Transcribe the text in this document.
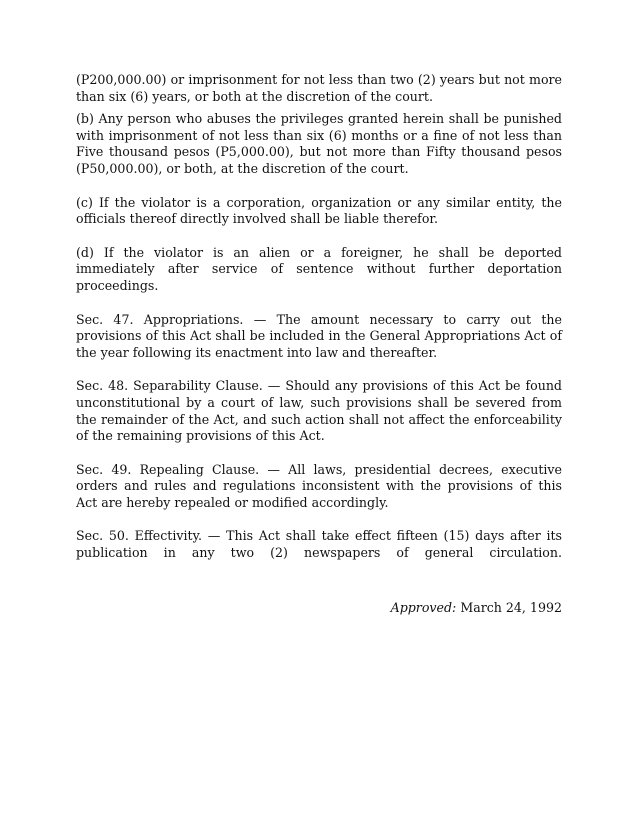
(P200,000.00) or imprisonment for not less than two (2) years but not more than six (6) years, or both at the discretion of the court.

(b) Any person who abuses the privileges granted herein shall be punished with imprisonment of not less than six (6) months or a fine of not less than Five thousand pesos (P5,000.00), but not more than Fifty thousand pesos (P50,000.00), or both, at the discretion of the court.

(c) If the violator is a corporation, organization or any similar entity, the officials thereof directly involved shall be liable therefor.

(d) If the violator is an alien or a foreigner, he shall be deported immediately after service of sentence without further deportation proceedings.

Sec. 47. Appropriations. — The amount necessary to carry out the provisions of this Act shall be included in the General Appropriations Act of the year following its enactment into law and thereafter.

Sec. 48. Separability Clause. — Should any provisions of this Act be found unconstitutional by a court of law, such provisions shall be severed from the remainder of the Act, and such action shall not affect the enforceability of the remaining provisions of this Act.

Sec. 49. Repealing Clause. — All laws, presidential decrees, executive orders and rules and regulations inconsistent with the provisions of this Act are hereby repealed or modified accordingly.

Sec. 50. Effectivity. — This Act shall take effect fifteen (15) days after its publication in any two (2) newspapers of general circulation.

Approved: March 24, 1992
